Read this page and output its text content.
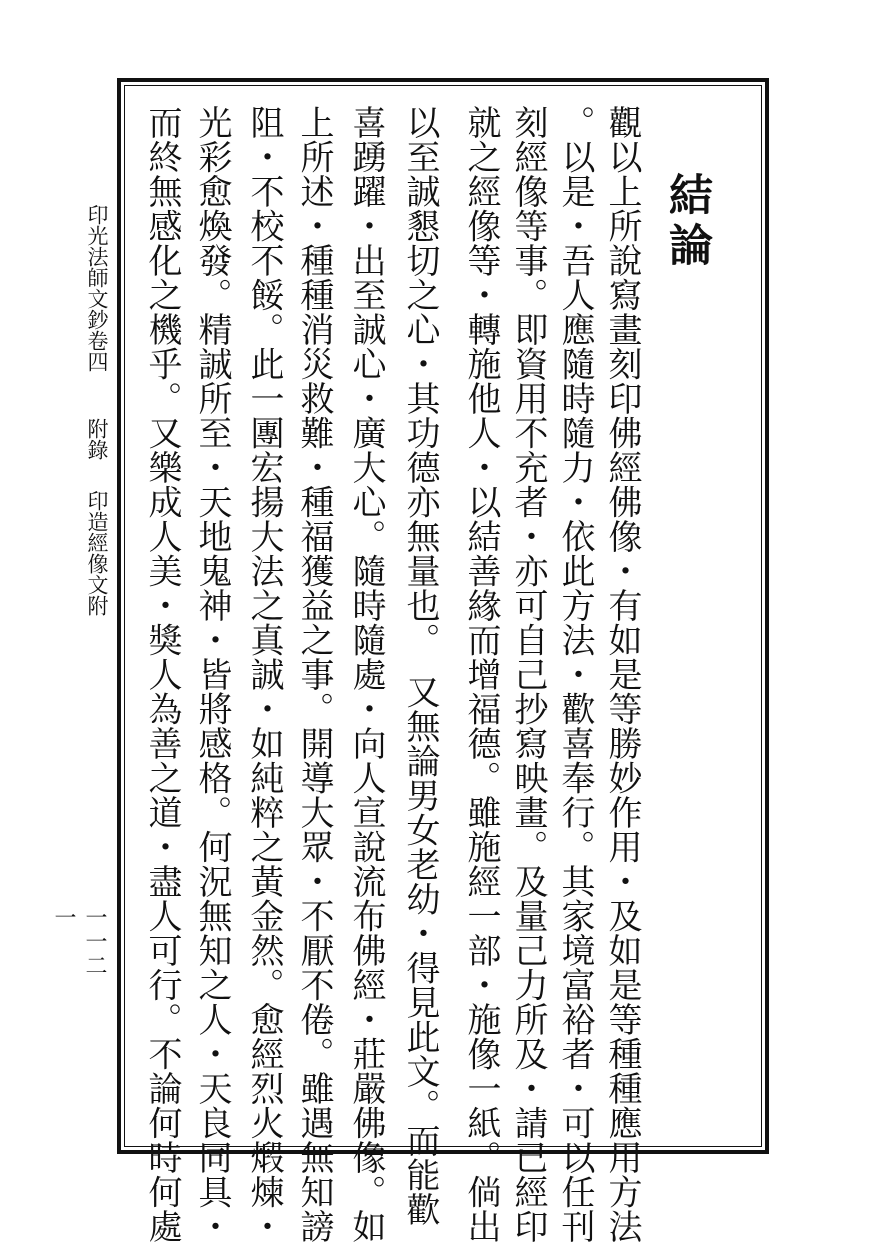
結論
觀以上所說寫畫刻印佛經佛像・有如是等勝妙作用・及如是等種種應用方法
。以是・吾人應隨時隨力・依此方法・歡喜奉行。其家境富裕者・可以任刊
刻經像等事。即資用不充者・亦可自己抄寫映畫。及量己力所及・請已經印
就之經像等・轉施他人・以結善緣而增福德。雖施經一部・施像一紙。倘出
以至誠懇切之心・其功德亦無量也。　又無論男女老幼・得見此文。而能歡
喜踴躍・出至誠心・廣大心。隨時隨處・向人宣說流布佛經・莊嚴佛像。如
上所述・種種消災救難・種福獲益之事。開導大眾・不厭不倦。雖遇無知謗
阻・不校不餒。此一團宏揚大法之真誠・如純粹之黃金然。愈經烈火煅煉・
光彩愈煥發。精誠所至・天地鬼神・皆將感格。何況無知之人・天良同具・
而終無感化之機乎。又樂成人美・獎人為善之道・盡人可行。不論何時何處
印光法師文鈔卷四
附錄
印造經像文附
一一二一
